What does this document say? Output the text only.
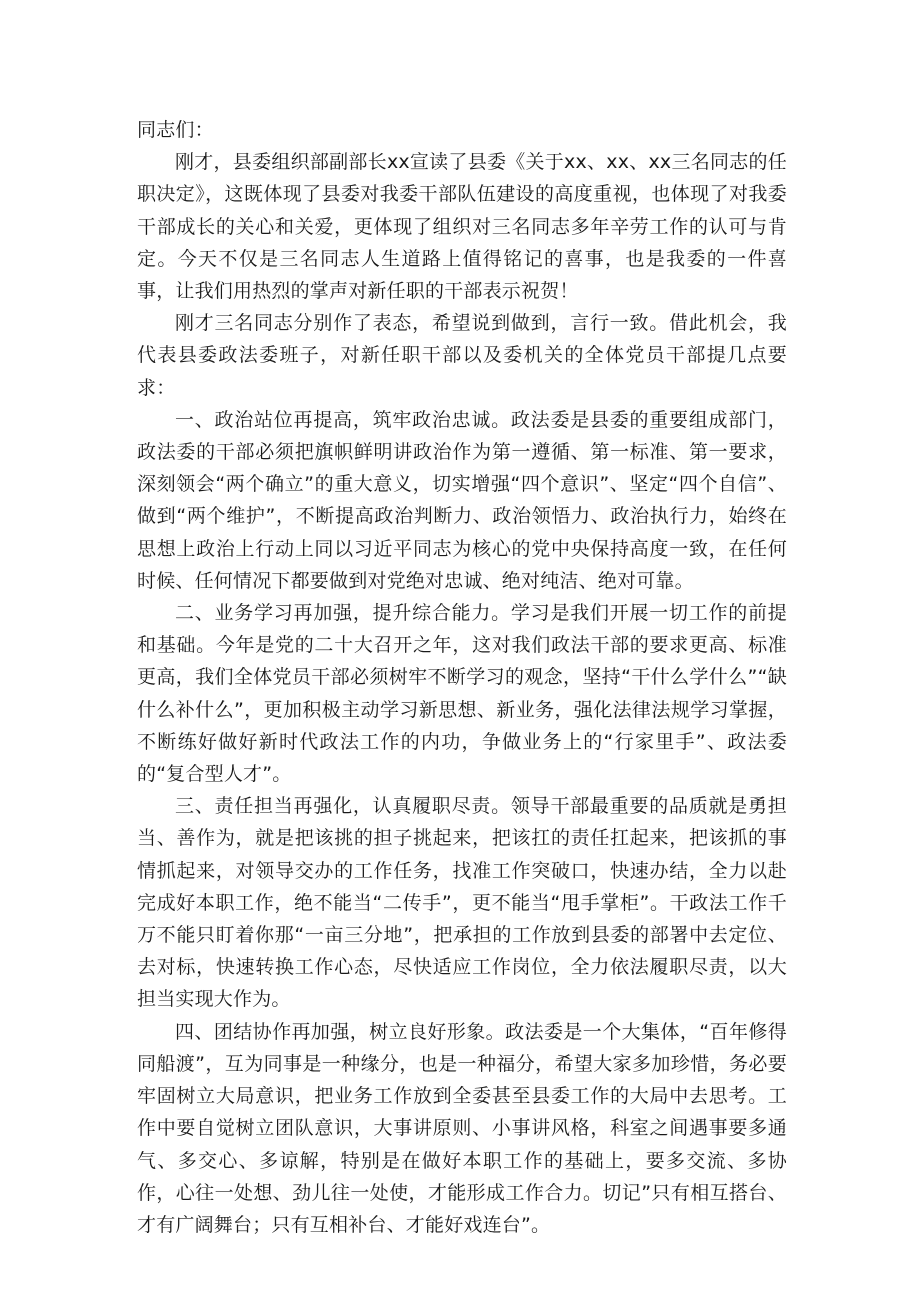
同志们：

刚才，县委组织部副部长xx宣读了县委《关于xx、xx、xx三名同志的任职决定》，这既体现了县委对我委干部队伍建设的高度重视，也体现了对我委干部成长的关心和关爱，更体现了组织对三名同志多年辛劳工作的认可与肯定。今天不仅是三名同志人生道路上值得铭记的喜事，也是我委的一件喜事，让我们用热烈的掌声对新任职的干部表示祝贺！

刚才三名同志分别作了表态，希望说到做到，言行一致。借此机会，我代表县委政法委班子，对新任职干部以及委机关的全体党员干部提几点要求：

一、政治站位再提高，筑牢政治忠诚。政法委是县委的重要组成部门，政法委的干部必须把旗帜鲜明讲政治作为第一遵循、第一标准、第一要求，深刻领会“两个确立”的重大意义，切实增强“四个意识”、坚定“四个自信”、做到“两个维护”，不断提高政治判断力、政治领悟力、政治执行力，始终在思想上政治上行动上同以习近平同志为核心的党中央保持高度一致，在任何时候、任何情况下都要做到对党绝对忠诚、绝对纯洁、绝对可靠。

二、业务学习再加强，提升综合能力。学习是我们开展一切工作的前提和基础。今年是党的二十大召开之年，这对我们政法干部的要求更高、标准更高，我们全体党员干部必须树牢不断学习的观念，坚持“干什么学什么”“缺什么补什么”，更加积极主动学习新思想、新业务，强化法律法规学习掌握，不断练好做好新时代政法工作的内功，争做业务上的“行家里手”、政法委的“复合型人才”。

三、责任担当再强化，认真履职尽责。领导干部最重要的品质就是勇担当、善作为，就是把该挑的担子挑起来，把该扛的责任扛起来，把该抓的事情抓起来，对领导交办的工作任务，找准工作突破口，快速办结，全力以赴完成好本职工作，绝不能当“二传手”，更不能当“甩手掌柜”。干政法工作千万不能只盯着你那“一亩三分地”，把承担的工作放到县委的部署中去定位、去对标，快速转换工作心态，尽快适应工作岗位，全力依法履职尽责，以大担当实现大作为。

四、团结协作再加强，树立良好形象。政法委是一个大集体，“百年修得同船渡”，互为同事是一种缘分，也是一种福分，希望大家多加珍惜，务必要牢固树立大局意识，把业务工作放到全委甚至县委工作的大局中去思考。工作中要自觉树立团队意识，大事讲原则、小事讲风格，科室之间遇事要多通气、多交心、多谅解，特别是在做好本职工作的基础上，要多交流、多协作，心往一处想、劲儿往一处使，才能形成工作合力。切记”只有相互搭台、才有广阔舞台；只有互相补台、才能好戏连台”。
